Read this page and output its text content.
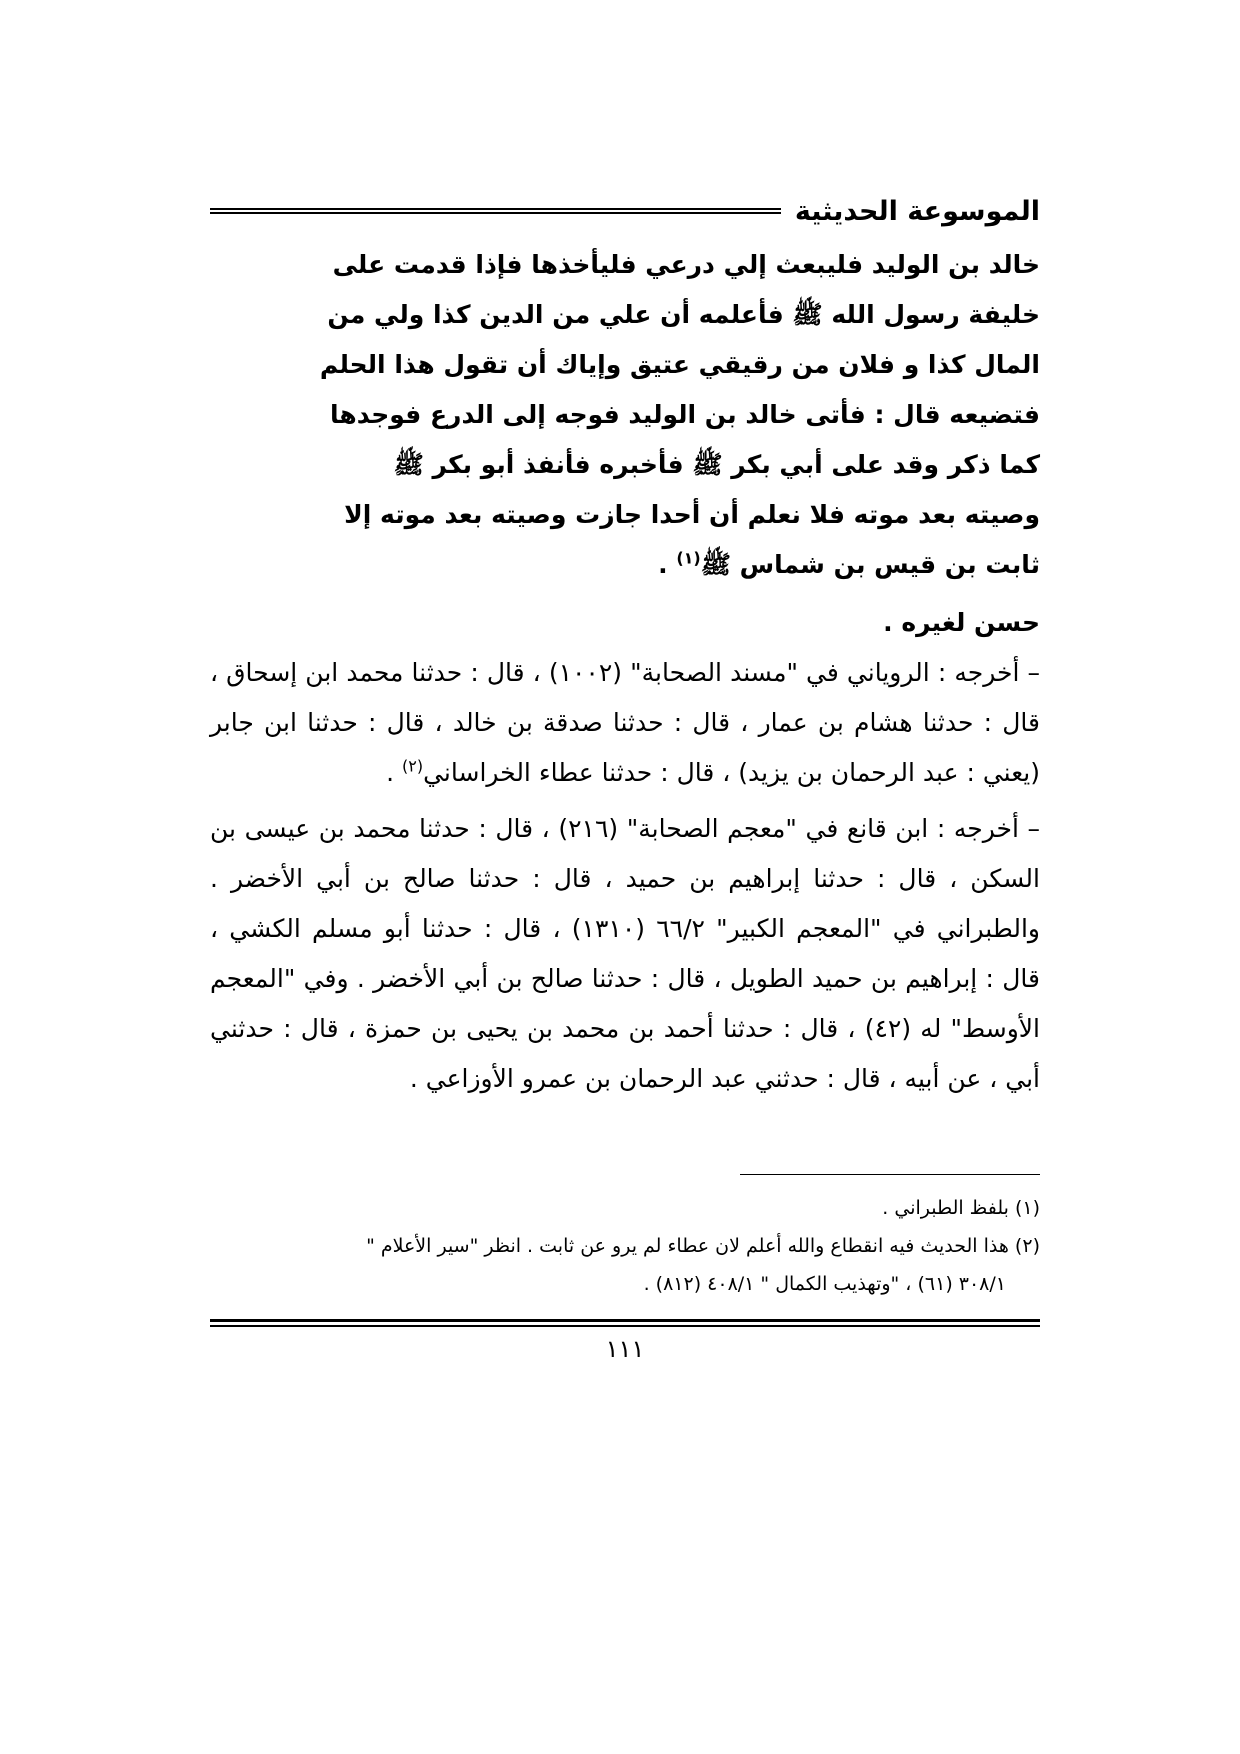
الموسوعة الحديثية

خالد بن الوليد فليبعث إلي درعي فليأخذها فإذا قدمت على

خليفة رسول الله ﷺ فأعلمه أن علي من الدين كذا ولي من

المال كذا و فلان من رقيقي عتيق وإياك أن تقول هذا الحلم

فتضيعه قال : فأتى خالد بن الوليد فوجه إلى الدرع فوجدها

كما ذكر وقد على أبي بكر ﷺ فأخبره فأنفذ أبو بكر ﷺ

وصيته بعد موته فلا نعلم أن أحدا جازت وصيته بعد موته إلا

ثابت بن قيس بن شماس ﷺ$^{(١)}$ .

حسن لغيره .

– أخرجه : الروياني في "مسند الصحابة" (١٠٠٢) ، قال : حدثنا محمد ابن إسحاق ، قال : حدثنا هشام بن عمار ، قال : حدثنا صدقة بن خالد ، قال : حدثنا ابن جابر (يعني : عبد الرحمان بن يزيد) ، قال : حدثنا عطاء الخراساني$^{(٢)}$ .

– أخرجه : ابن قانع في "معجم الصحابة" (٢١٦) ، قال : حدثنا محمد بن عيسى بن السكن ، قال : حدثنا إبراهيم بن حميد ، قال : حدثنا صالح بن أبي الأخضر . والطبراني في "المعجم الكبير" ٦٦/٢ (١٣١٠) ، قال : حدثنا أبو مسلم الكشي ، قال : إبراهيم بن حميد الطويل ، قال : حدثنا صالح بن أبي الأخضر . وفي "المعجم الأوسط" له (٤٢) ، قال : حدثنا أحمد بن محمد بن يحيى بن حمزة ، قال : حدثني أبي ، عن أبيه ، قال : حدثني عبد الرحمان بن عمرو الأوزاعي .

(١) بلفظ الطبراني .

(٢) هذا الحديث فيه انقطاع والله أعلم لان عطاء لم يرو عن ثابت . انظر "سير الأعلام "

٣٠٨/١ (٦١) ، "وتهذيب الكمال " ٤٠٨/١ (٨١٢) .

١١١
